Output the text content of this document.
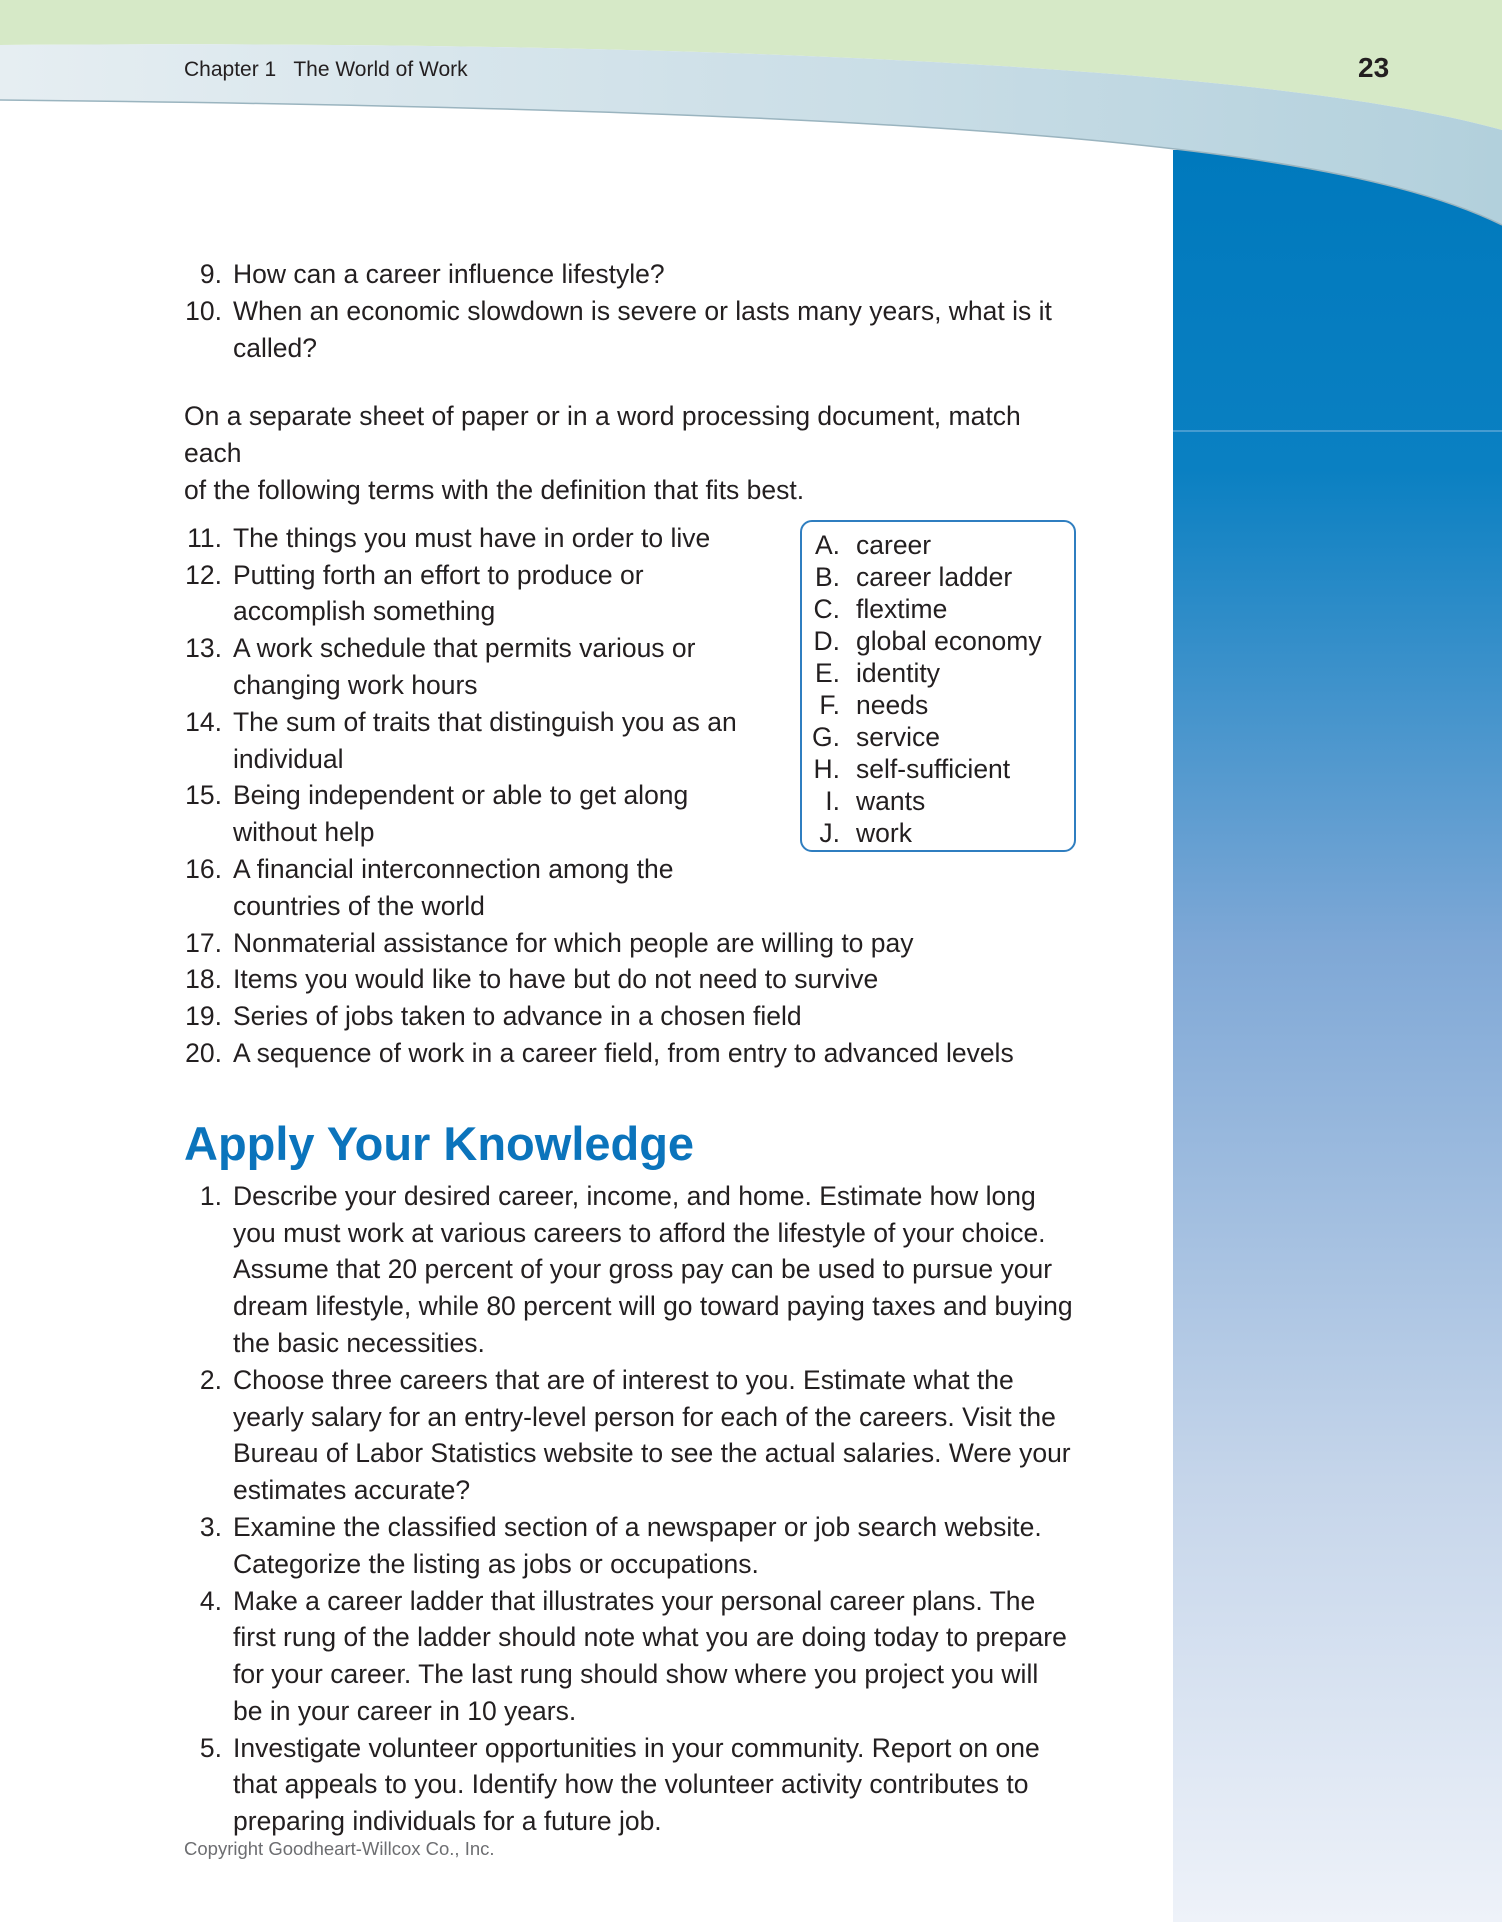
Chapter 1   The World of Work	23
9. How can a career influence lifestyle?
10. When an economic slowdown is severe or lasts many years, what is it
called?
On a separate sheet of paper or in a word processing document, match each
of the following terms with the definition that fits best.
11. The things you must have in order to live
12. Putting forth an effort to produce or
accomplish something
13. A work schedule that permits various or
changing work hours
14. The sum of traits that distinguish you as an
individual
15. Being independent or able to get along
without help
16. A financial interconnection among the
countries of the world
17. Nonmaterial assistance for which people are willing to pay
18. Items you would like to have but do not need to survive
19. Series of jobs taken to advance in a chosen field
20. A sequence of work in a career field, from entry to advanced levels
A. career
B. career ladder
C. flextime
D. global economy
E. identity
F. needs
G. service
H. self-sufficient
I. wants
J. work
Apply Your Knowledge
1. Describe your desired career, income, and home. Estimate how long
you must work at various careers to afford the lifestyle of your choice.
Assume that 20 percent of your gross pay can be used to pursue your
dream lifestyle, while 80 percent will go toward paying taxes and buying
the basic necessities.
2. Choose three careers that are of interest to you. Estimate what the
yearly salary for an entry-level person for each of the careers. Visit the
Bureau of Labor Statistics website to see the actual salaries. Were your
estimates accurate?
3. Examine the classified section of a newspaper or job search website.
Categorize the listing as jobs or occupations.
4. Make a career ladder that illustrates your personal career plans. The
first rung of the ladder should note what you are doing today to prepare
for your career. The last rung should show where you project you will
be in your career in 10 years.
5. Investigate volunteer opportunities in your community. Report on one
that appeals to you. Identify how the volunteer activity contributes to
preparing individuals for a future job.
Copyright Goodheart-Willcox Co., Inc.
